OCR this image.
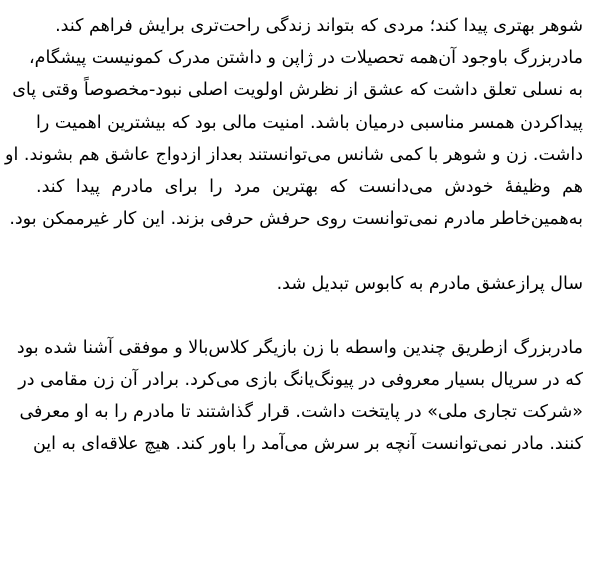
شوهر بهتری پیدا کند؛ مردی که بتواند زندگی راحت‌تری برایش فراهم کند.
مادربزرگ باوجود آن‌همه تحصیلات در ژاپن و داشتن مدرک کمونیست پیشگام،
به نسلی تعلق داشت که عشق از نظرش اولویت اصلی نبود-مخصوصاً وقتی پای
پیداکردن همسر مناسبی درمیان باشد. امنیت مالی بود که بیشترین اهمیت را
داشت. زن و شوهر با کمی شانس می‌توانستند بعداز ازدواج عاشق هم بشوند. او
هم وظیفهٔ خودش می‌دانست که بهترین مرد را برای مادرم پیدا کند.
به‌همین‌خاطر مادرم نمی‌توانست روی حرفش حرفی بزند. این کار غیرممکن بود.
سال پرازعشق مادرم به کابوس تبدیل شد.
مادربزرگ ازطریق چندین واسطه با زن بازیگر کلاس‌بالا و موفقی آشنا شده بود
که در سریال بسیار معروفی در پیونگ‌یانگ بازی می‌کرد. برادر آن زن مقامی در
«شرکت تجاری ملی» در پایتخت داشت. قرار گذاشتند تا مادرم را به او معرفی
کنند. مادر نمی‌توانست آنچه بر سرش می‌آمد را باور کند. هیچ علاقه‌ای به این
